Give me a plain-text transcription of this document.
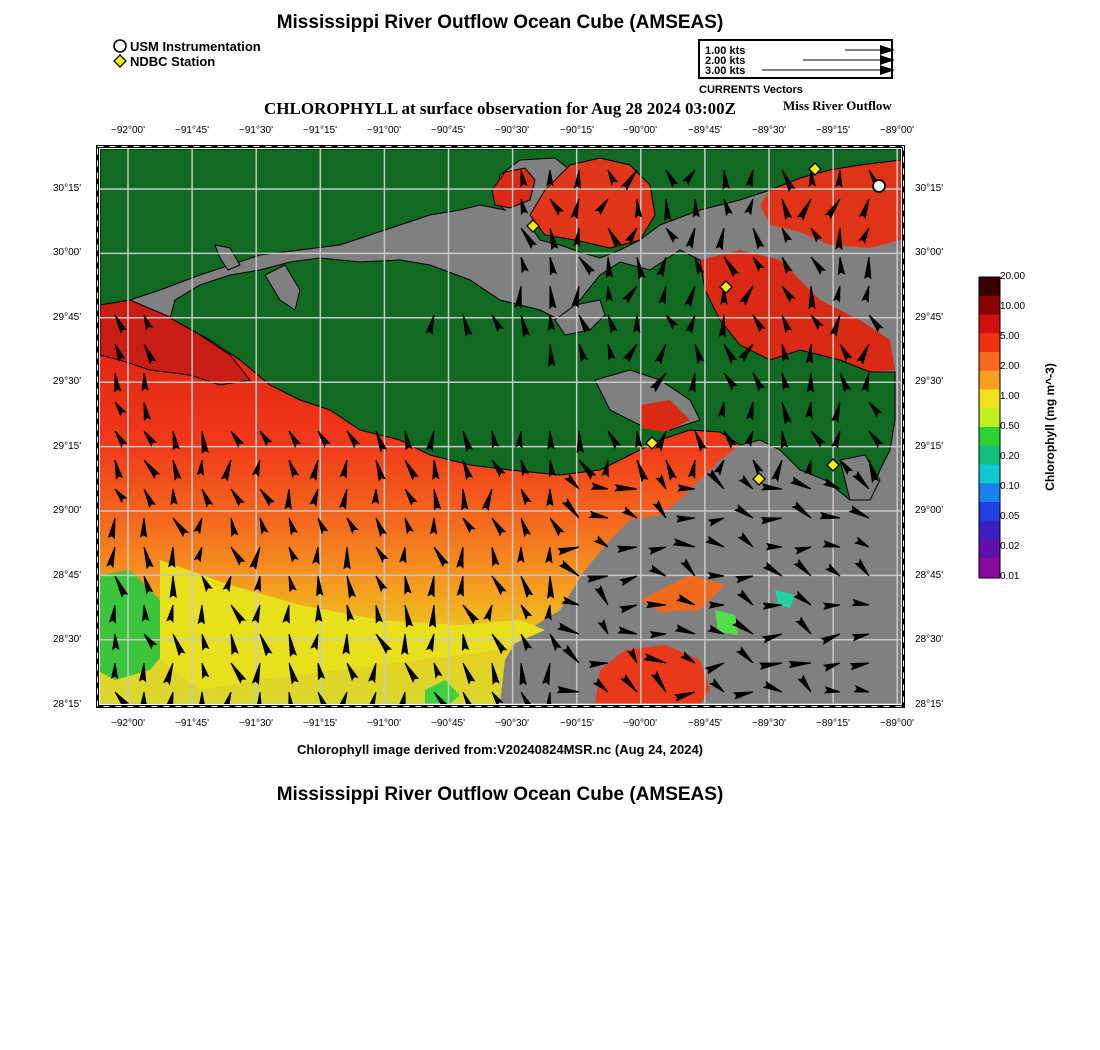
Mississippi River Outflow Ocean Cube (AMSEAS)
USM Instrumentation
NDBC Station
1.00 kts
2.00 kts
3.00 kts
CURRENTS Vectors
CHLOROPHYLL at surface observation for Aug 28 2024 03:00Z	Miss River Outflow
−92°00'	−91°45'	−91°30'	−91°15'	−91°00'	−90°45'	−90°30'	−90°15'	−90°00'	−89°45'	−89°30'	−89°15'	−89°00'
−92°00'	−91°45'	−91°30'	−91°15'	−91°00'	−90°45'	−90°30'	−90°15'	−90°00'	−89°45'	−89°30'	−89°15'	−89°00'
30°15'
30°00'
29°45'
29°30'
29°15'
29°00'
28°45'
28°30'
28°15'
30°15'
30°00'
29°45'
29°30'
29°15'
29°00'
28°45'
28°30'
28°15'
20.00
10.00
5.00
2.00
1.00
0.50
0.20
0.10
0.05
0.02
0.01
Chlorophyll (mg m^-3)
Chlorophyll image derived from:V20240824MSR.nc (Aug 24, 2024)
Mississippi River Outflow Ocean Cube (AMSEAS)
